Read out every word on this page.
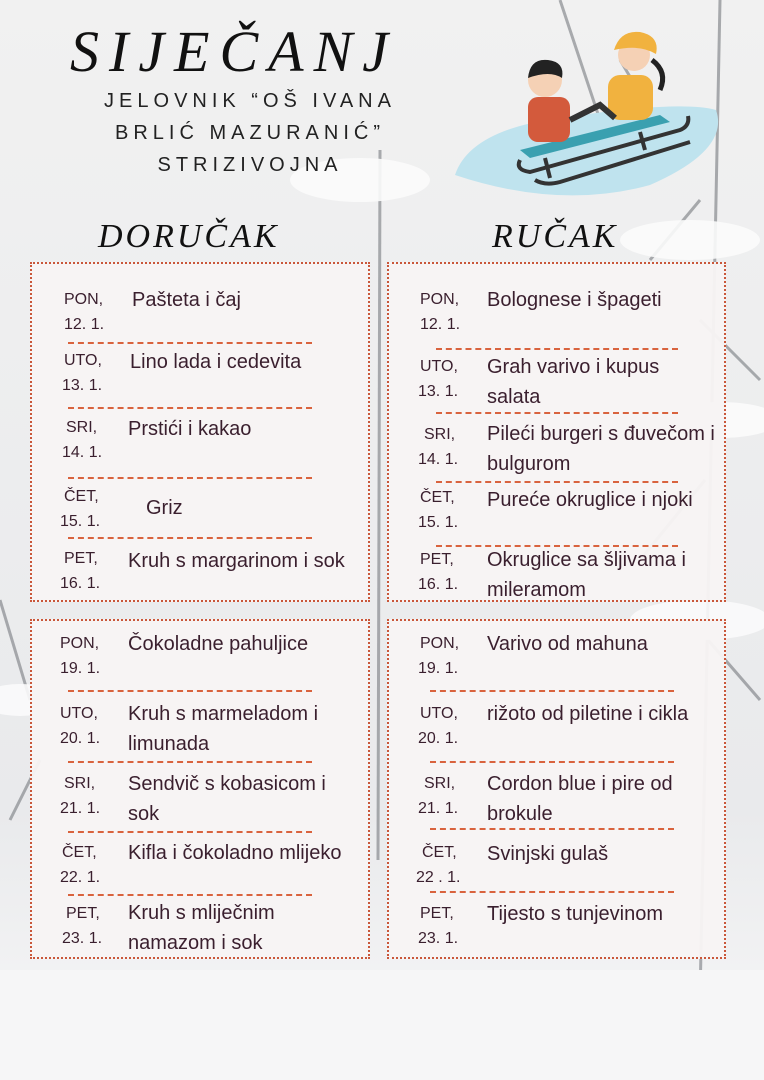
SIJEČANJ
JELOVNIK “OŠ IVANA
BRLIĆ MAZURANIĆ”
STRIZIVOJNA
DORUČAK	RUČAK
PON,
12. 1.
Pašteta i čaj
UTO,
13. 1.
Lino lada i cedevita
SRI,
14. 1.
Prstići i kakao
ČET,
15. 1.
Griz
PET,
16. 1.
Kruh s margarinom i sok
PON,
12. 1.
Bolognese i špageti
UTO,
13. 1.
Grah varivo i kupus salata
SRI,
14. 1.
Pileći burgeri s đuvečom i bulgurom
ČET,
15. 1.
Pureće okruglice i njoki
PET,
16. 1.
Okruglice sa šljivama i mileramom
PON,
19. 1.
Čokoladne pahuljice
UTO,
20. 1.
Kruh s marmeladom i limunada
SRI,
21. 1.
Sendvič s kobasicom i sok
ČET,
22. 1.
Kifla i čokoladno mlijeko
PET,
23. 1.
Kruh s mliječnim namazom i sok
PON,
19. 1.
Varivo od mahuna
UTO,
20. 1.
rižoto od piletine i cikla
SRI,
21. 1.
Cordon blue i pire od brokule
ČET,
22 . 1.
Svinjski gulaš
PET,
23. 1.
Tijesto s tunjevinom
